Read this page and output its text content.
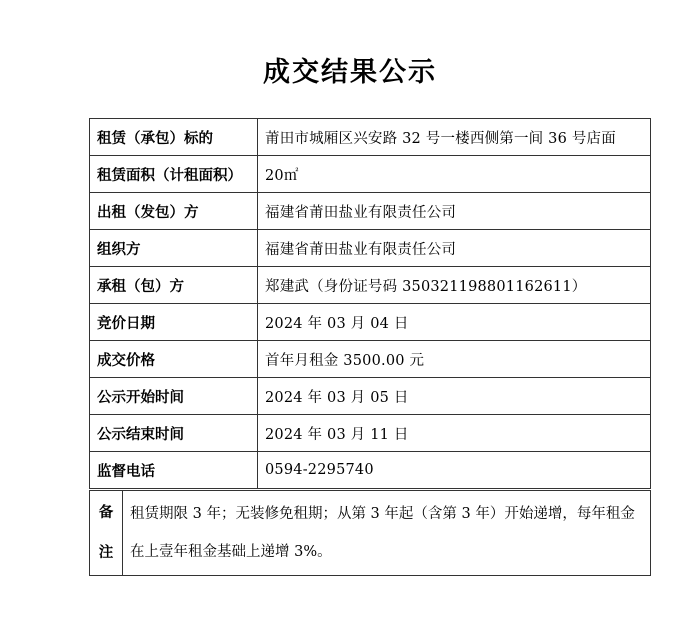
成交结果公示
租赁（承包）标的	莆田市城厢区兴安路 32 号一楼西侧第一间 36 号店面
租赁面积（计租面积）	20㎡
出租（发包）方	福建省莆田盐业有限责任公司
组织方	福建省莆田盐业有限责任公司
承租（包）方	郑建武（身份证号码 350321198801162611）
竞价日期	2024 年 03 月 04 日
成交价格	首年月租金 3500.00 元
公示开始时间	2024 年 03 月 05 日
公示结束时间	2024 年 03 月 11 日
监督电话	0594-2295740
备
注
	租赁期限 3 年；无装修免租期；从第 3 年起（含第 3 年）开始递增，每年租金在上壹年租金基础上递增 3%。
